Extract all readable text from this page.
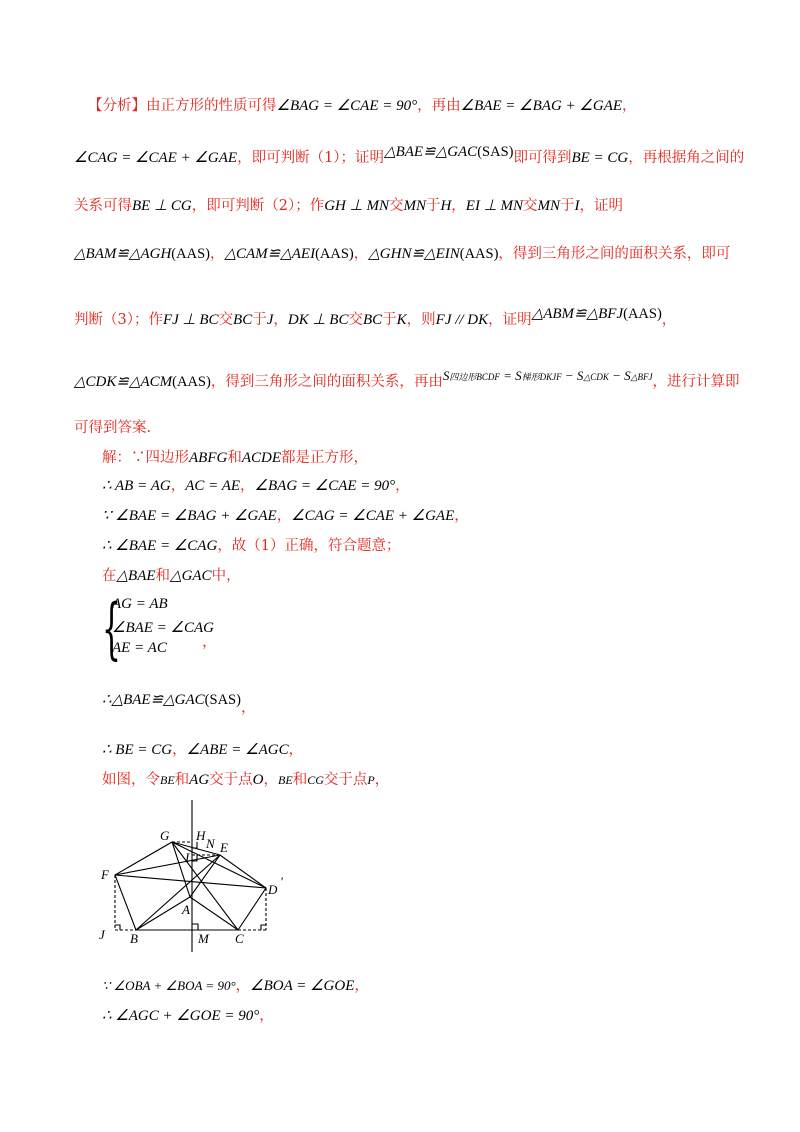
【分析】由正方形的性质可得∠BAG = ∠CAE = 90°，再由∠BAE = ∠BAG + ∠GAE，
∠CAG = ∠CAE + ∠GAE，即可判断（1）；证明△BAE≌△GAC(SAS)即可得到BE = CG，再根据角之间的
关系可得BE ⊥ CG，即可判断（2）；作GH ⊥ MN交MN于H，EI ⊥ MN交MN于I，证明
△BAM≌△AGH(AAS)，△CAM≌△AEI(AAS)，△GHN≌△EIN(AAS)，得到三角形之间的面积关系，即可
判断（3）；作FJ ⊥ BC交BC于J，DK ⊥ BC交BC于K，则FJ // DK，证明△ABM≌△BFJ(AAS)，
△CDK≌△ACM(AAS)，得到三角形之间的面积关系，再由S四边形BCDF = S梯形DKJF − S△CDK − S△BFJ，进行计算即
可得到答案.
解：∵四边形ABFG和ACDE都是正方形，
∴ AB = AG，AC = AE，∠BAG = ∠CAE = 90°，
∵ ∠BAE = ∠BAG + ∠GAE，∠CAG = ∠CAE + ∠GAE，
∴ ∠BAE = ∠CAG，故（1）正确，符合题意；
在△BAE和△GAC中，
{
AG = AB
∠BAE = ∠CAG
AE = AC ，
∴△BAE≌△GAC(SAS)，
∴ BE = CG，∠ABE = ∠AGC，
如图，令BE和AG交于点O，BE和CG交于点P，
G H
N
I
E
F
D
'
A
J B	M C
∵ ∠OBA + ∠BOA = 90°，∠BOA = ∠GOE，
∴ ∠AGC + ∠GOE = 90°，
